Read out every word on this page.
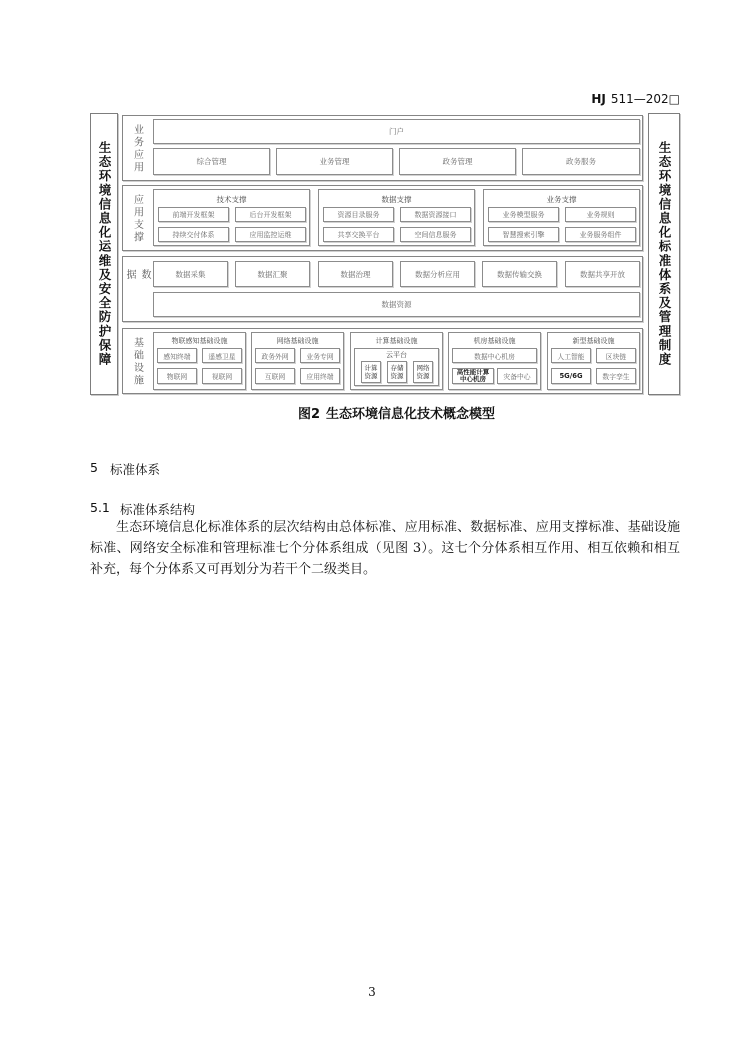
HJ 511—202□
生态环境信息化运维及安全防护保障	生态环境信息化标准体系及管理制度
业务应用	门户
综合管理	业务管理	政务管理	政务服务
应用支撑	技术支撑
前端开发框架	后台开发框架
持续交付体系	应用监控运维
数据支撑
资源目录服务	数据资源接口
共享交换平台	空间信息服务
业务支撑
业务模型服务	业务规则
智慧搜索引擎	业务服务组件
数据	数据采集	数据汇聚	数据治理	数据分析应用	数据传输交换	数据共享开放
数据资源
基础设施	物联感知基础设施
感知终端	遥感卫星
物联网	视联网
网络基础设施
政务外网	业务专网
互联网	应用终端
计算基础设施
云平台
计算资源
存储资源
网络资源
机房基础设施
数据中心机房
高性能计算中心机房	灾备中心
新型基础设施
人工智能	区块链
5G/6G	数字孪生
图2 生态环境信息化技术概念模型
5 标准体系
5.1 标准体系结构

生态环境信息化标准体系的层次结构由总体标准、应用标准、数据标准、应用支撑标准、基础设施标准、网络安全标准和管理标准七个分体系组成（见图 3）。这七个分体系相互作用、相互依赖和相互补充，每个分体系又可再划分为若干个二级类目。

3
